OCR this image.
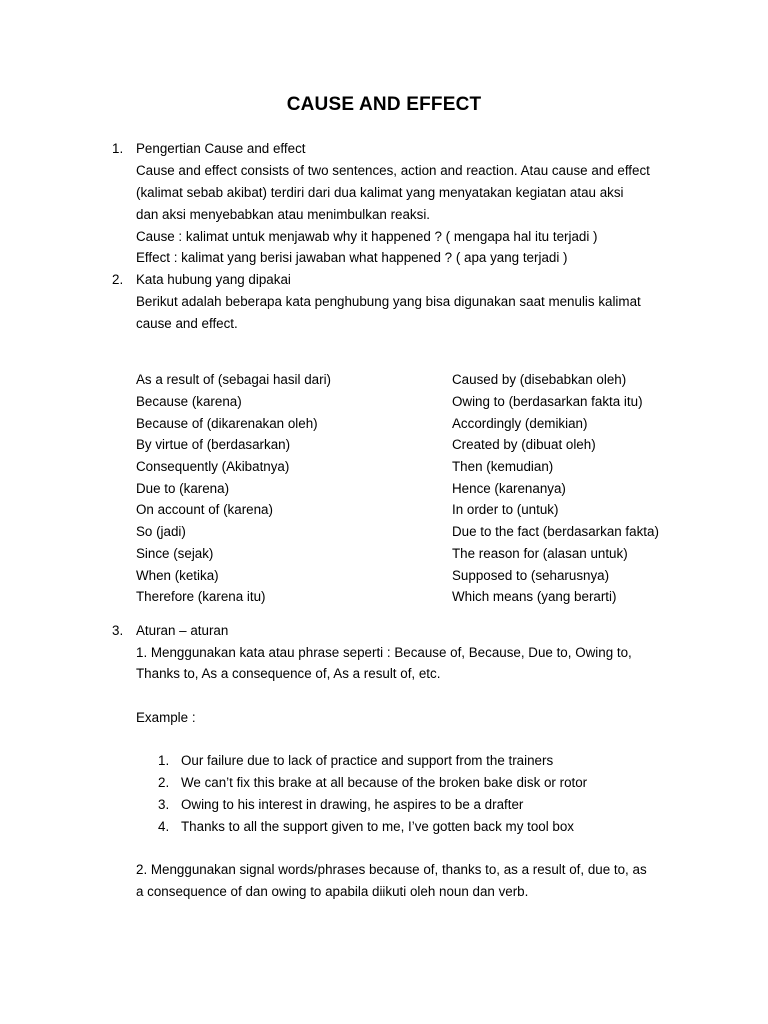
CAUSE AND EFFECT
1. Pengertian Cause and effect
Cause and effect consists of two sentences, action and reaction. Atau cause and effect
(kalimat sebab akibat) terdiri dari dua kalimat yang menyatakan kegiatan atau aksi
dan aksi menyebabkan atau menimbulkan reaksi.
Cause : kalimat untuk menjawab why it happened ? ( mengapa hal itu terjadi )
Effect : kalimat yang berisi jawaban what happened ? ( apa yang terjadi )
2. Kata hubung yang dipakai
Berikut adalah beberapa kata penghubung yang bisa digunakan saat menulis kalimat
cause and effect.
As a result of (sebagai hasil dari)
Because (karena)
Because of (dikarenakan oleh)
By virtue of (berdasarkan)
Consequently (Akibatnya)
Due to (karena)
On account of (karena)
So (jadi)
Since (sejak)
When (ketika)
Therefore (karena itu)
Caused by (disebabkan oleh)
Owing to (berdasarkan fakta itu)
Accordingly (demikian)
Created by (dibuat oleh)
Then (kemudian)
Hence (karenanya)
In order to (untuk)
Due to the fact (berdasarkan fakta)
The reason for (alasan untuk)
Supposed to (seharusnya)
Which means (yang berarti)
3. Aturan – aturan
1. Menggunakan kata atau phrase seperti : Because of, Because, Due to, Owing to,
Thanks to, As a consequence of, As a result of, etc.
Example :
1. Our failure due to lack of practice and support from the trainers
2. We can’t fix this brake at all because of the broken bake disk or rotor
3. Owing to his interest in drawing, he aspires to be a drafter
4. Thanks to all the support given to me, I’ve gotten back my tool box
2. Menggunakan signal words/phrases because of, thanks to, as a result of, due to, as
a consequence of dan owing to apabila diikuti oleh noun dan verb.
